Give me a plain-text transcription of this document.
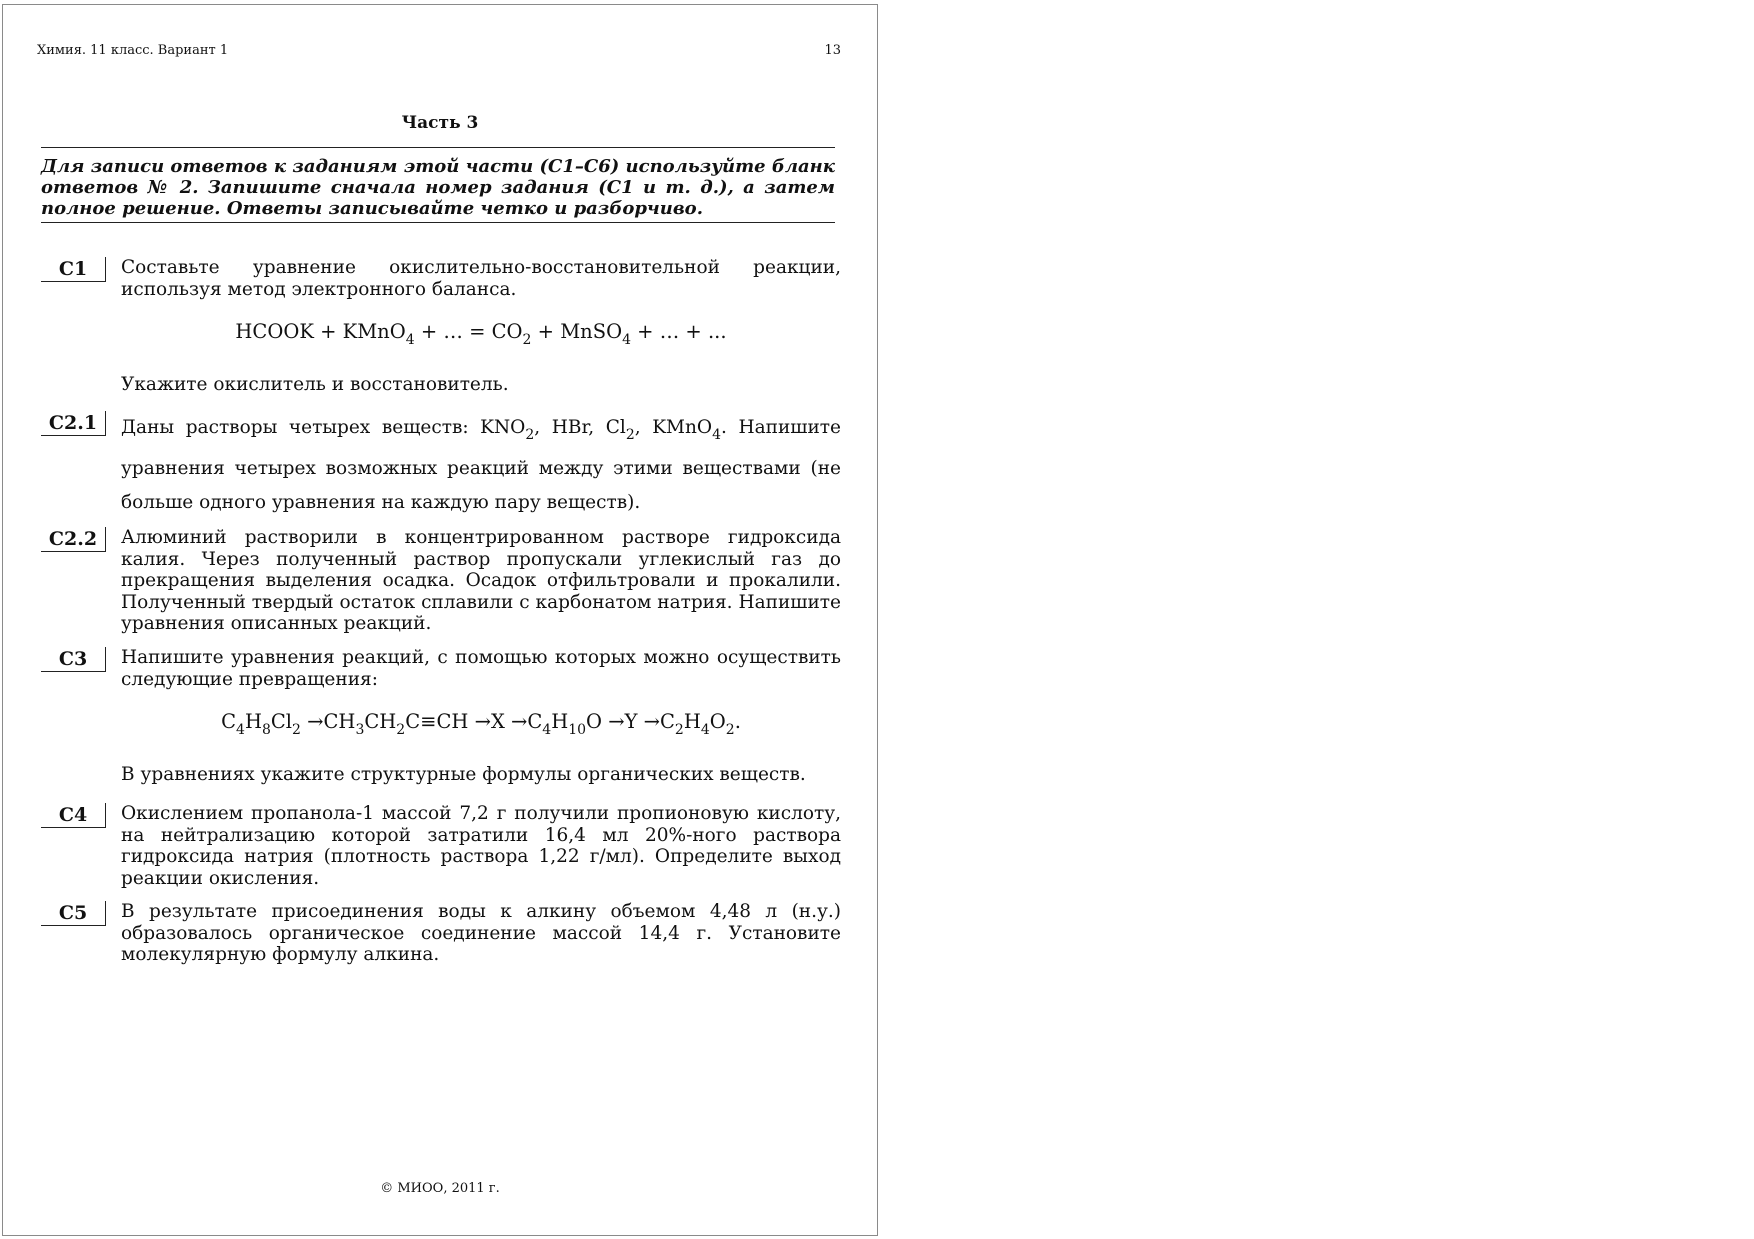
Химия. 11 класс. Вариант 1	13
Часть 3
Для записи ответов к заданиям этой части (С1–С6) используйте бланк ответов № 2. Запишите сначала номер задания (С1 и т. д.), а затем полное решение. Ответы записывайте четко и разборчиво.
С1	Составьте уравнение окислительно-восстановительной реакции, используя метод электронного баланса.
HCOOK + KMnO$_4$ + … = $CO_2$ + MnSO$_4$ + … + ...
Укажите окислитель и восстановитель.
С2.1	Даны растворы четырех веществ: $KNO_2$, HBr, $Cl_2$, KMnO$_4$. Напишите уравнения четырех возможных реакций между этими веществами (не больше одного уравнения на каждую пару веществ).
С2.2	Алюминий растворили в концентрированном растворе гидроксида калия. Через полученный раствор пропускали углекислый газ до прекращения выделения осадка. Осадок отфильтровали и прокалили. Полученный твердый остаток сплавили с карбонатом натрия. Напишите уравнения описанных реакций.
С3	Напишите уравнения реакций, с помощью которых можно осуществить следующие превращения:
$C_4H_8Cl_2 \to CH_3CH_2C\equiv CH \to X \to C_4H_{10}O \to Y \to C_2H_4O_2$.
В уравнениях укажите структурные формулы органических веществ.
С4	Окислением пропанола-1 массой 7,2 г получили пропионовую кислоту, на нейтрализацию которой затратили 16,4 мл 20%-ного раствора гидроксида натрия (плотность раствора 1,22 г/мл). Определите выход реакции окисления.
С5	В результате присоединения воды к алкину объемом 4,48 л (н.у.) образовалось органическое соединение массой 14,4 г. Установите молекулярную формулу алкина.
© МИОО, 2011 г.
